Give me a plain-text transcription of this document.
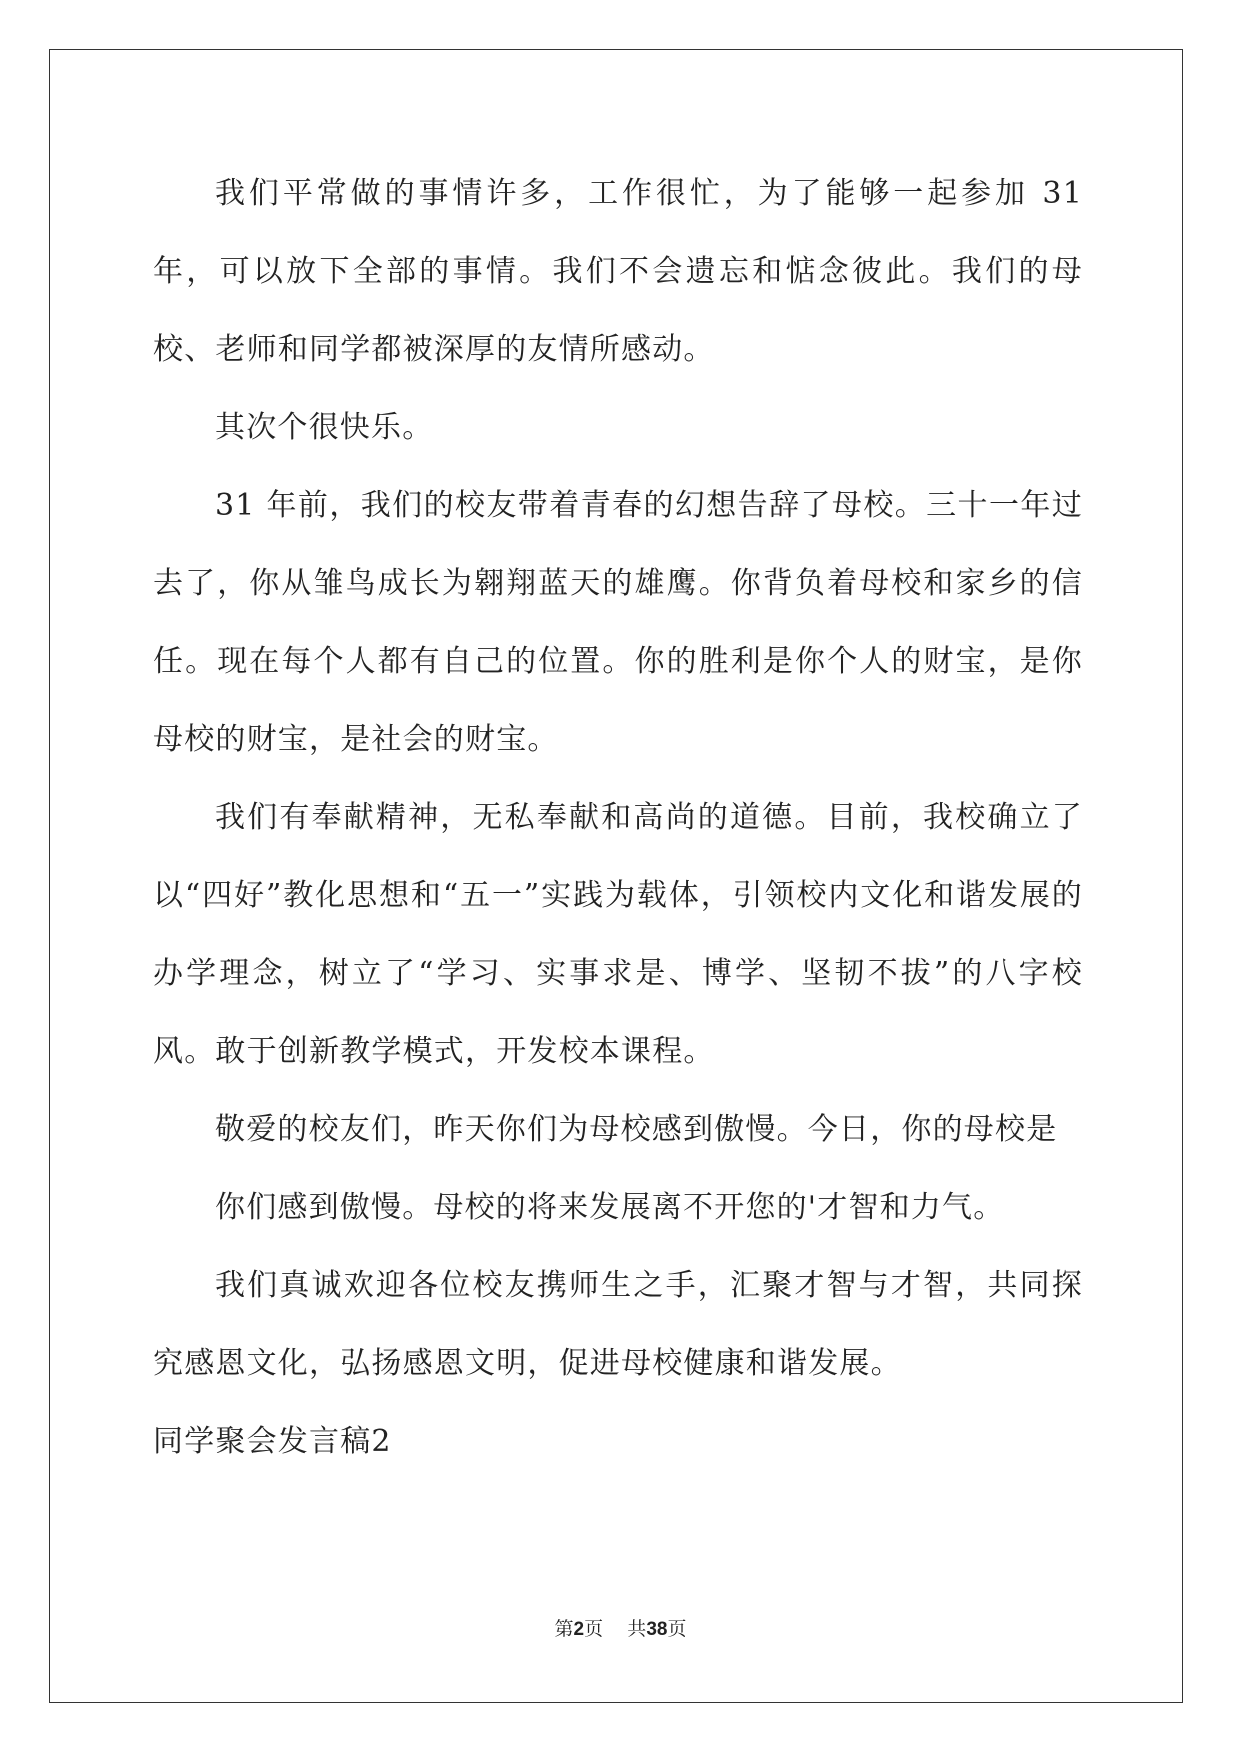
我们平常做的事情许多，工作很忙，为了能够一起参加 31 年，可以放下全部的事情。我们不会遗忘和惦念彼此。我们的母校、老师和同学都被深厚的友情所感动。

其次个很快乐。

31 年前，我们的校友带着青春的幻想告辞了母校。三十一年过去了，你从雏鸟成长为翱翔蓝天的雄鹰。你背负着母校和家乡的信任。现在每个人都有自己的位置。你的胜利是你个人的财宝，是你母校的财宝，是社会的财宝。

我们有奉献精神，无私奉献和高尚的道德。目前，我校确立了以“四好”教化思想和“五一”实践为载体，引领校内文化和谐发展的办学理念，树立了“学习、实事求是、博学、坚韧不拔”的八字校风。敢于创新教学模式，开发校本课程。

敬爱的校友们，昨天你们为母校感到傲慢。今日，你的母校是

你们感到傲慢。母校的将来发展离不开您的'才智和力气。

我们真诚欢迎各位校友携师生之手，汇聚才智与才智，共同探究感恩文化，弘扬感恩文明，促进母校健康和谐发展。

同学聚会发言稿2

第2页 共38页
